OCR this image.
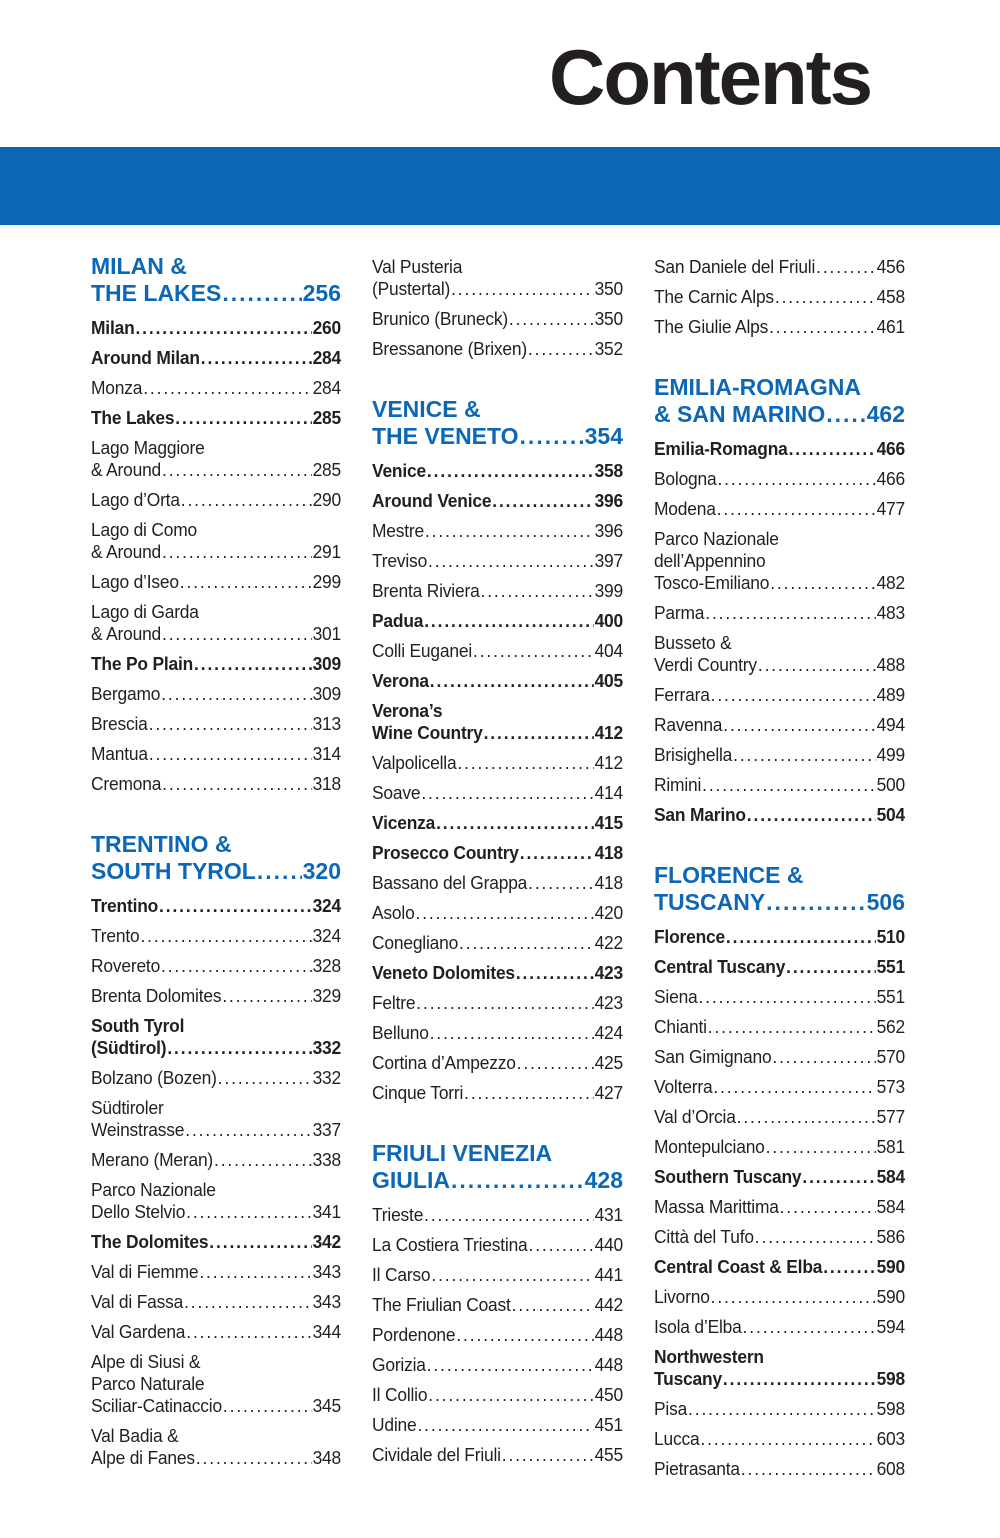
Contents
MILAN &
THE LAKES .....	256
Milan .....	260
Around Milan .....	284
Monza .....	284
The Lakes .....	285
Lago Maggiore
& Around .....	285
Lago d’Orta .....	290
Lago di Como
& Around .....	291
Lago d’Iseo .....	299
Lago di Garda
& Around .....	301
The Po Plain .....	309
Bergamo .....	309
Brescia .....	313
Mantua .....	314
Cremona .....	318
TRENTINO &
SOUTH TYROL ..... 320
Trentino .....	324
Trento .....	324
Rovereto .....	328
Brenta Dolomites .....	329
South Tyrol
(Südtirol) .....	332
Bolzano (Bozen) .....	332
Südtiroler
Weinstrasse .....	337
Merano (Meran) .....	338
Parco Nazionale
Dello Stelvio .....	341
The Dolomites .....	342
Val di Fiemme .....	343
Val di Fassa .....	343
Val Gardena .....	344
Alpe di Siusi &
Parco Naturale
Sciliar-Catinaccio .....	345
Val Badia &
Alpe di Fanes .....	348
Val Pusteria
(Pustertal) .....	350
Brunico (Bruneck) .....	350
Bressanone (Brixen) .....	352
VENICE &
THE VENETO .....	354
Venice .....	358
Around Venice .....	396
Mestre .....	396
Treviso .....	397
Brenta Riviera .....	399
Padua .....	400
Colli Euganei .....	404
Verona .....	405
Verona’s
Wine Country .....	412
Valpolicella .....	412
Soave .....	414
Vicenza .....	415
Prosecco Country .....	418
Bassano del Grappa .....	418
Asolo .....	420
Conegliano .....	422
Veneto Dolomites .....	423
Feltre .....	423
Belluno .....	424
Cortina d’Ampezzo .....	425
Cinque Torri .....	427
FRIULI VENEZIA
GIULIA .....	428
Trieste .....	431
La Costiera Triestina .....	440
Il Carso .....	441
The Friulian Coast .....	442
Pordenone .....	448
Gorizia .....	448
Il Collio .....	450
Udine .....	451
Cividale del Friuli .....	455
San Daniele del Friuli .....	456
The Carnic Alps .....	458
The Giulie Alps .....	461
EMILIA-ROMAGNA
& SAN MARINO ..... 462
Emilia-Romagna .....	466
Bologna .....	466
Modena .....	477
Parco Nazionale
dell’Appennino
Tosco-Emiliano .....	482
Parma .....	483
Busseto &
Verdi Country .....	488
Ferrara .....	489
Ravenna .....	494
Brisighella .....	499
Rimini .....	500
San Marino .....	504
FLORENCE &
TUSCANY .....	506
Florence .....	510
Central Tuscany .....	551
Siena .....	551
Chianti .....	562
San Gimignano .....	570
Volterra .....	573
Val d’Orcia .....	577
Montepulciano .....	581
Southern Tuscany .....	584
Massa Marittima .....	584
Città del Tufo .....	586
Central Coast & Elba .....	590
Livorno .....	590
Isola d’Elba .....	594
Northwestern
Tuscany .....	598
Pisa .....	598
Lucca .....	603
Pietrasanta .....	608
